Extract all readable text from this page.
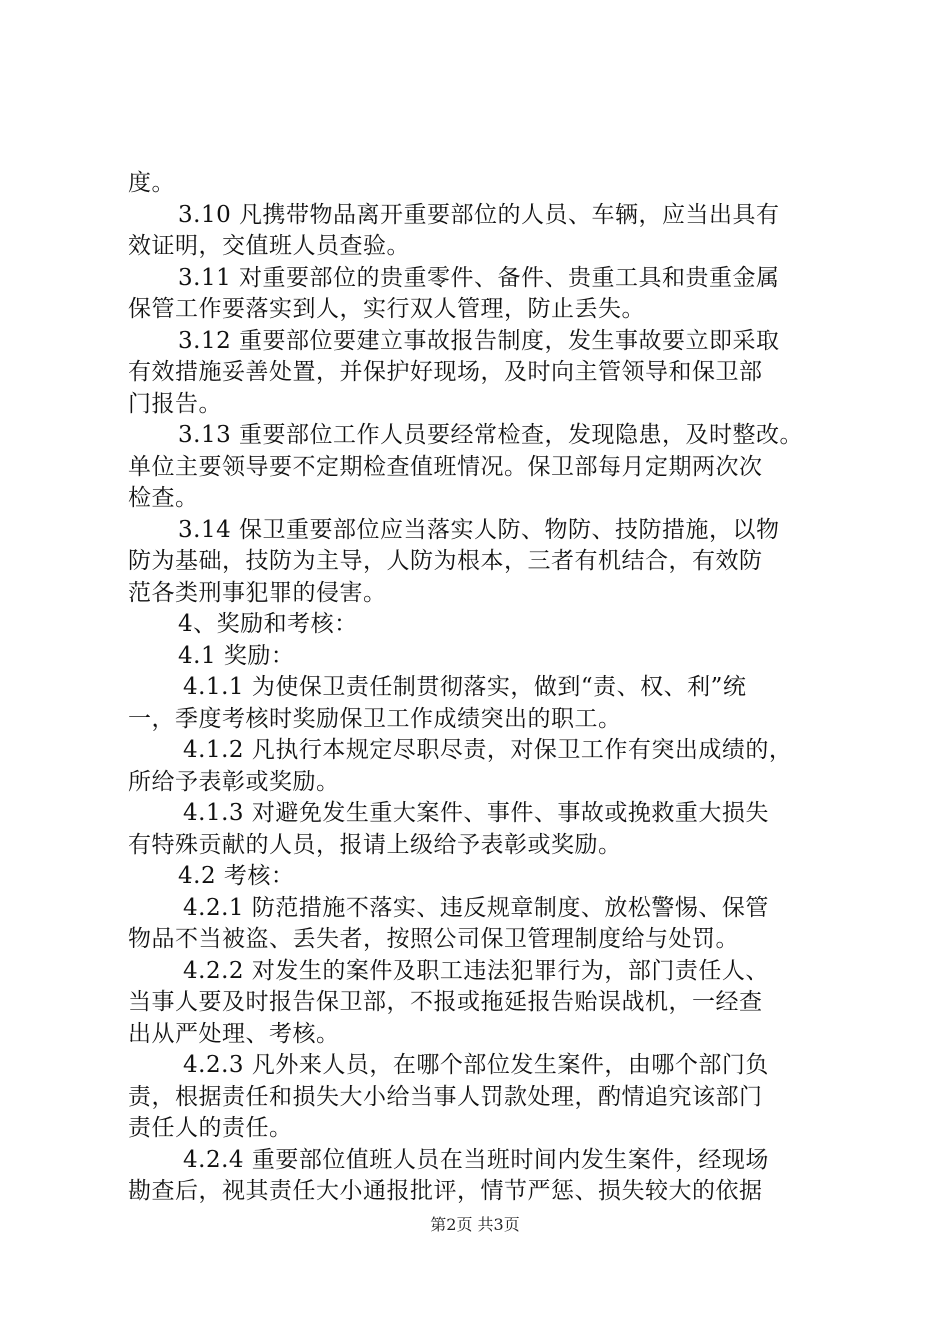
度。

3.10 凡携带物品离开重要部位的人员、车辆，应当出具有
效证明，交值班人员查验。

3.11 对重要部位的贵重零件、备件、贵重工具和贵重金属
保管工作要落实到人，实行双人管理，防止丢失。

3.12 重要部位要建立事故报告制度，发生事故要立即采取
有效措施妥善处置，并保护好现场，及时向主管领导和保卫部
门报告。

3.13 重要部位工作人员要经常检查，发现隐患，及时整改。
单位主要领导要不定期检查值班情况。保卫部每月定期两次次
检查。

3.14 保卫重要部位应当落实人防、物防、技防措施，以物
防为基础，技防为主导，人防为根本，三者有机结合，有效防
范各类刑事犯罪的侵害。

4、奖励和考核：

4.1 奖励：

4.1.1 为使保卫责任制贯彻落实，做到“责、权、利”统
一，季度考核时奖励保卫工作成绩突出的职工。

4.1.2 凡执行本规定尽职尽责，对保卫工作有突出成绩的，
所给予表彰或奖励。

4.1.3 对避免发生重大案件、事件、事故或挽救重大损失
有特殊贡献的人员，报请上级给予表彰或奖励。

4.2 考核：

4.2.1 防范措施不落实、违反规章制度、放松警惕、保管
物品不当被盗、丢失者，按照公司保卫管理制度给与处罚。

4.2.2 对发生的案件及职工违法犯罪行为，部门责任人、
当事人要及时报告保卫部，不报或拖延报告贻误战机，一经查
出从严处理、考核。

4.2.3 凡外来人员，在哪个部位发生案件，由哪个部门负
责，根据责任和损失大小给当事人罚款处理，酌情追究该部门
责任人的责任。

4.2.4 重要部位值班人员在当班时间内发生案件，经现场
勘查后，视其责任大小通报批评，情节严惩、损失较大的依据

第2页 共3页
